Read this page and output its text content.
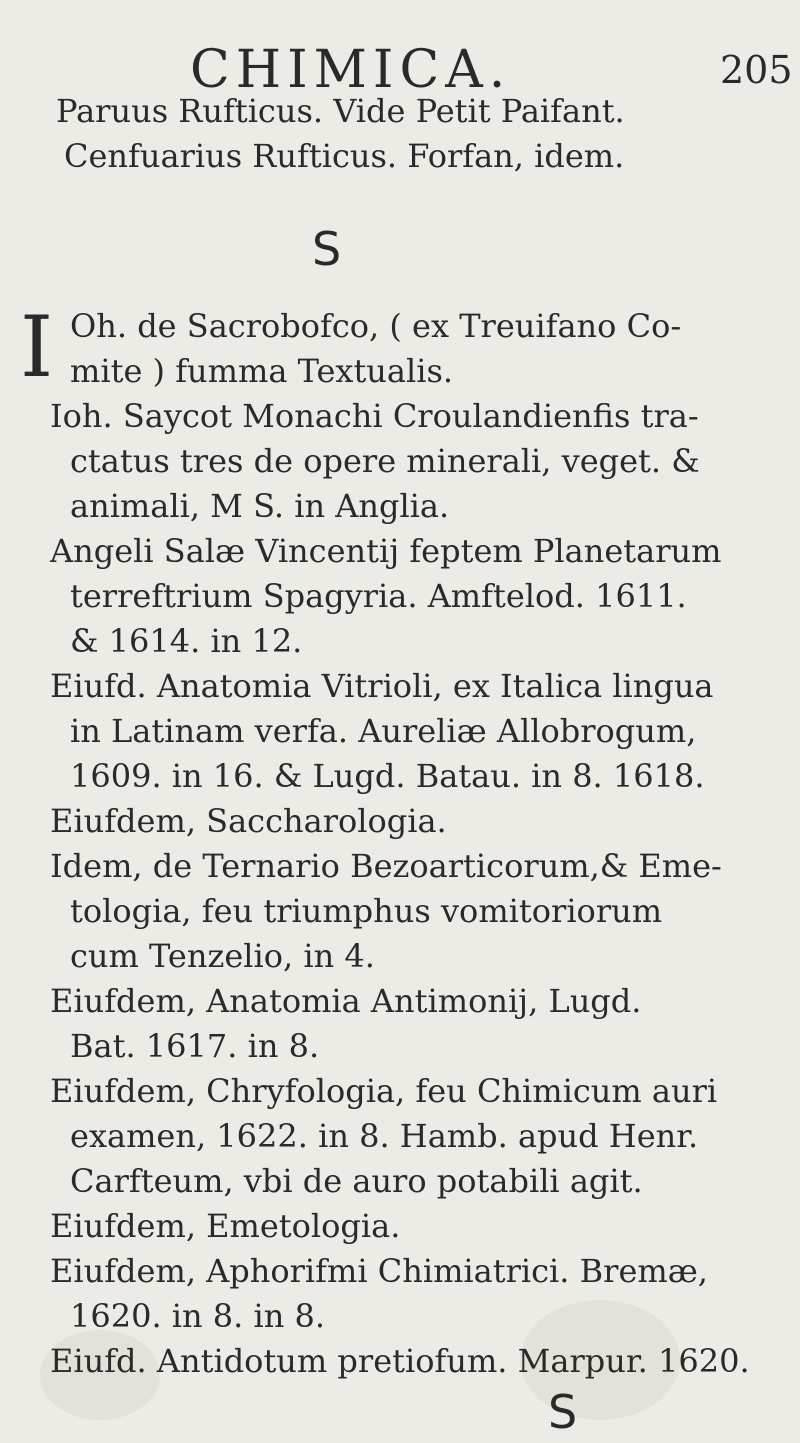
CHIMICA.	205
Paruus Rufticus. Vide Petit Paifant.
Cenfuarius Rufticus. Forfan, idem.
S
I Oh. de Sacrobofco, ( ex Treuifano Co-
mite ) fumma Textualis.
Ioh. Saycot Monachi Croulandienfis tra-
ctatus tres de opere minerali, veget. &
animali, M S. in Anglia.
Angeli Salæ Vincentij feptem Planetarum
terreftrium Spagyria. Amftelod. 1611.
& 1614. in 12.
Eiufd. Anatomia Vitrioli, ex Italica lingua
in Latinam verfa. Aureliæ Allobrogum,
1609. in 16. & Lugd. Batau. in 8. 1618.
Eiufdem, Saccharologia.
Idem, de Ternario Bezoarticorum,& Eme-
tologia, feu triumphus vomitoriorum
cum Tenzelio, in 4.
Eiufdem, Anatomia Antimonij, Lugd.
Bat. 1617. in 8.
Eiufdem, Chryfologia, feu Chimicum auri
examen, 1622. in 8. Hamb. apud Henr.
Carfteum, vbi de auro potabili agit.
Eiufdem, Emetologia.
Eiufdem, Aphorifmi Chimiatrici. Bremæ,
1620. in 8. in 8.
Eiufd. Antidotum pretiofum. Marpur. 1620.
S
